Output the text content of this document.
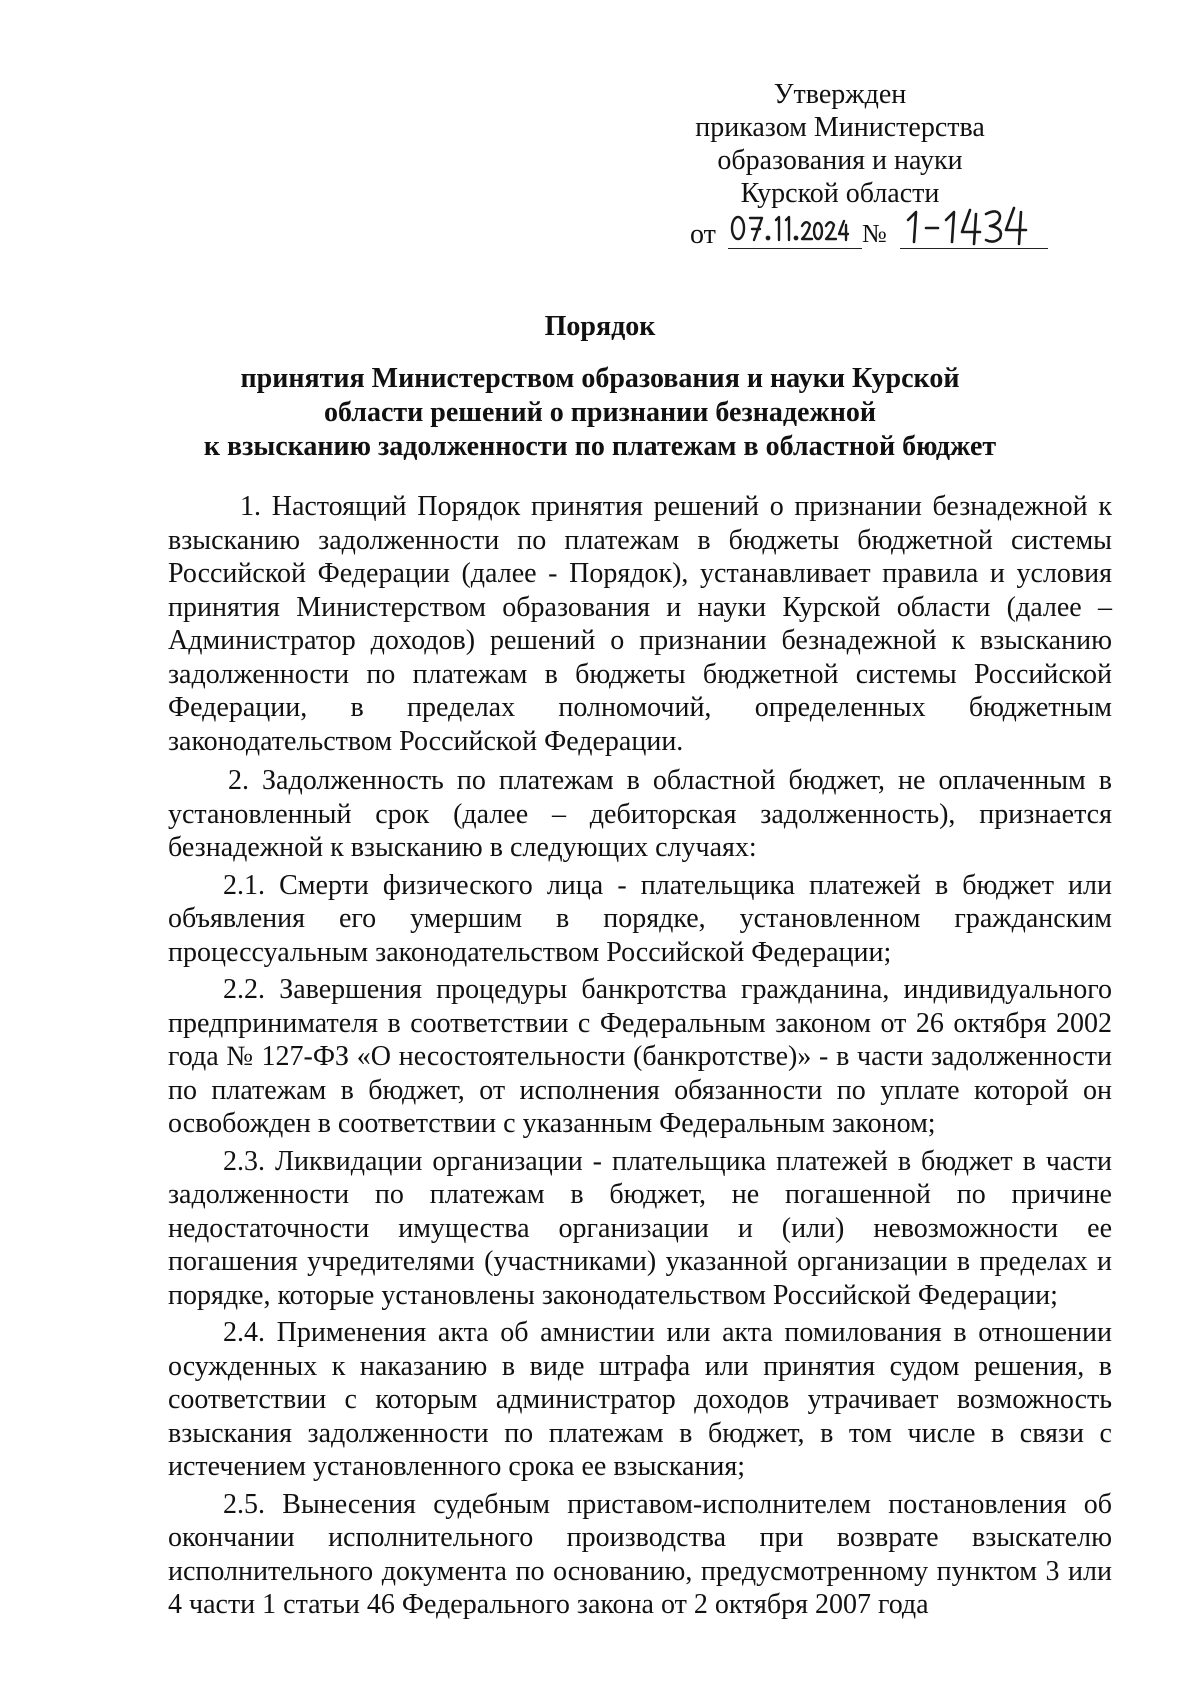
Утвержден
приказом Министерства
образования и науки
Курской области
от	№
Порядок
принятия Министерством образования и науки Курской
области решений о признании безнадежной
к взысканию задолженности по платежам в областной бюджет

1. Настоящий Порядок принятия решений о признании безнадежной к взысканию задолженности по платежам в бюджеты бюджетной системы Российской Федерации (далее - Порядок), устанавливает правила и условия принятия Министерством образования и науки Курской области (далее – Администратор доходов) решений о признании безнадежной к взысканию задолженности по платежам в бюджеты бюджетной системы Российской Федерации, в пределах полномочий, определенных бюджетным законодательством Российской Федерации.

2. Задолженность по платежам в областной бюджет, не оплаченным в установленный срок (далее – дебиторская задолженность), признается безнадежной к взысканию в следующих случаях:

2.1. Смерти физического лица - плательщика платежей в бюджет или объявления его умершим в порядке, установленном гражданским процессуальным законодательством Российской Федерации;

2.2. Завершения процедуры банкротства гражданина, индивидуального предпринимателя в соответствии с Федеральным законом от 26 октября 2002 года № 127-ФЗ «О несостоятельности (банкротстве)» - в части задолженности по платежам в бюджет, от исполнения обязанности по уплате которой он освобожден в соответствии с указанным Федеральным законом;

2.3. Ликвидации организации - плательщика платежей в бюджет в части задолженности по платежам в бюджет, не погашенной по причине недостаточности имущества организации и (или) невозможности ее погашения учредителями (участниками) указанной организации в пределах и порядке, которые установлены законодательством Российской Федерации;

2.4. Применения акта об амнистии или акта помилования в отношении осужденных к наказанию в виде штрафа или принятия судом решения, в соответствии с которым администратор доходов утрачивает возможность взыскания задолженности по платежам в бюджет, в том числе в связи с истечением установленного срока ее взыскания;

2.5. Вынесения судебным приставом-исполнителем постановления об окончании исполнительного производства при возврате взыскателю исполнительного документа по основанию, предусмотренному пунктом 3 или 4 части 1 статьи 46 Федерального закона от 2 октября 2007 года
